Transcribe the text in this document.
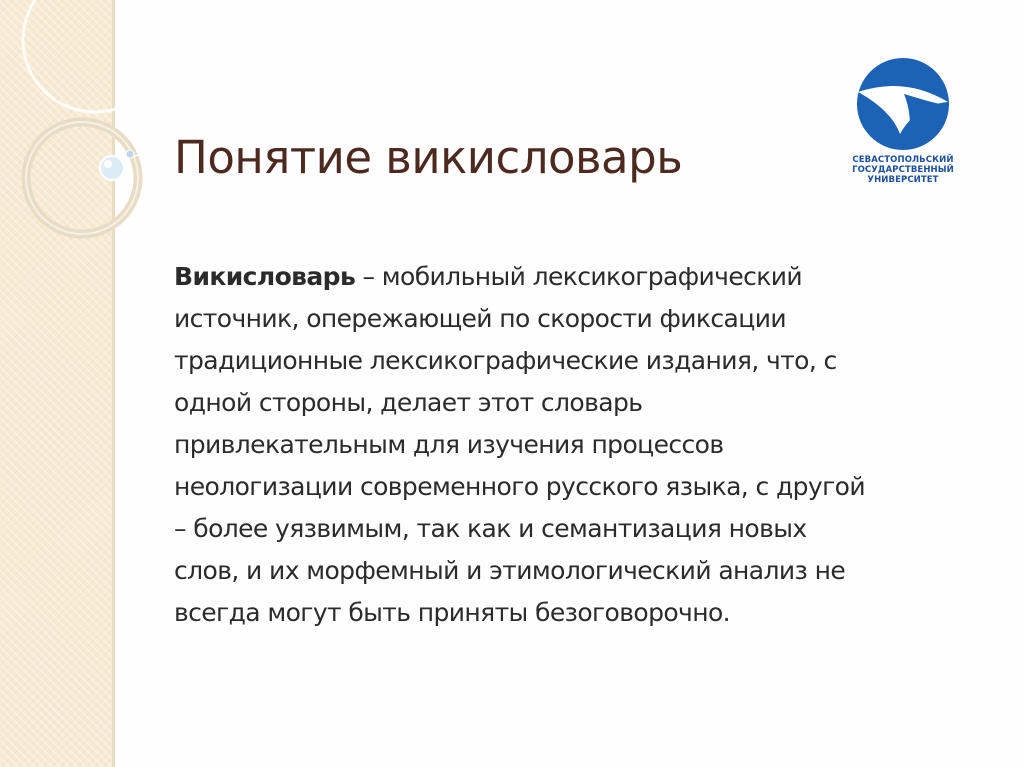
Понятие викисловарь	СЕВАСТОПОЛЬСКИЙ
ГОСУДАРСТВЕННЫЙ
УНИВЕРСИТЕТ

Викисловарь – мобильный лексикографический
источник, опережающей по скорости фиксации
традиционные лексикографические издания, что, с
одной стороны, делает этот словарь
привлекательным для изучения процессов
неологизации современного русского языка, с другой
– более уязвимым, так как и семантизация новых
слов, и их морфемный и этимологический анализ не
всегда могут быть приняты безоговорочно.
